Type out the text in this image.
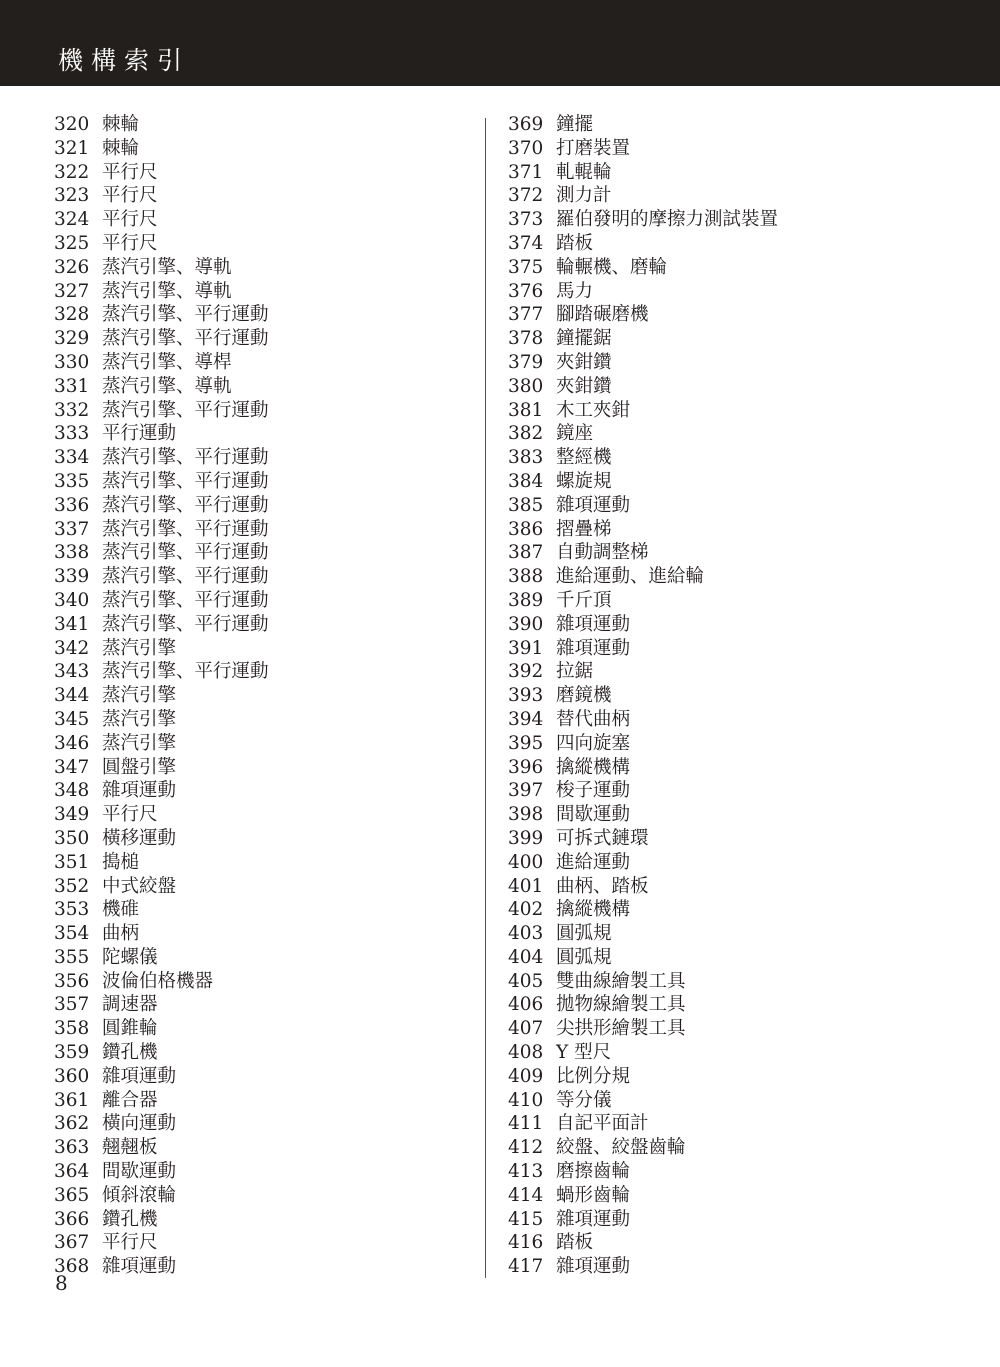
機構索引
320 棘輪
321 棘輪
322 平行尺
323 平行尺
324 平行尺
325 平行尺
326 蒸汽引擎、導軌
327 蒸汽引擎、導軌
328 蒸汽引擎、平行運動
329 蒸汽引擎、平行運動
330 蒸汽引擎、導桿
331 蒸汽引擎、導軌
332 蒸汽引擎、平行運動
333 平行運動
334 蒸汽引擎、平行運動
335 蒸汽引擎、平行運動
336 蒸汽引擎、平行運動
337 蒸汽引擎、平行運動
338 蒸汽引擎、平行運動
339 蒸汽引擎、平行運動
340 蒸汽引擎、平行運動
341 蒸汽引擎、平行運動
342 蒸汽引擎
343 蒸汽引擎、平行運動
344 蒸汽引擎
345 蒸汽引擎
346 蒸汽引擎
347 圓盤引擎
348 雜項運動
349 平行尺
350 橫移運動
351 搗槌
352 中式絞盤
353 機碓
354 曲柄
355 陀螺儀
356 波倫伯格機器
357 調速器
358 圓錐輪
359 鑽孔機
360 雜項運動
361 離合器
362 橫向運動
363 翹翹板
364 間歇運動
365 傾斜滾輪
366 鑽孔機
367 平行尺
368 雜項運動
369 鐘擺
370 打磨裝置
371 軋輥輪
372 測力計
373 羅伯發明的摩擦力測試裝置
374 踏板
375 輪輾機、磨輪
376 馬力
377 腳踏碾磨機
378 鐘擺鋸
379 夾鉗鑽
380 夾鉗鑽
381 木工夾鉗
382 鏡座
383 整經機
384 螺旋規
385 雜項運動
386 摺疊梯
387 自動調整梯
388 進給運動、進給輪
389 千斤頂
390 雜項運動
391 雜項運動
392 拉鋸
393 磨鏡機
394 替代曲柄
395 四向旋塞
396 擒縱機構
397 梭子運動
398 間歇運動
399 可拆式鏈環
400 進給運動
401 曲柄、踏板
402 擒縱機構
403 圓弧規
404 圓弧規
405 雙曲線繪製工具
406 拋物線繪製工具
407 尖拱形繪製工具
408 Y 型尺
409 比例分規
410 等分儀
411 自記平面計
412 絞盤、絞盤齒輪
413 磨擦齒輪
414 蝸形齒輪
415 雜項運動
416 踏板
417 雜項運動
8
